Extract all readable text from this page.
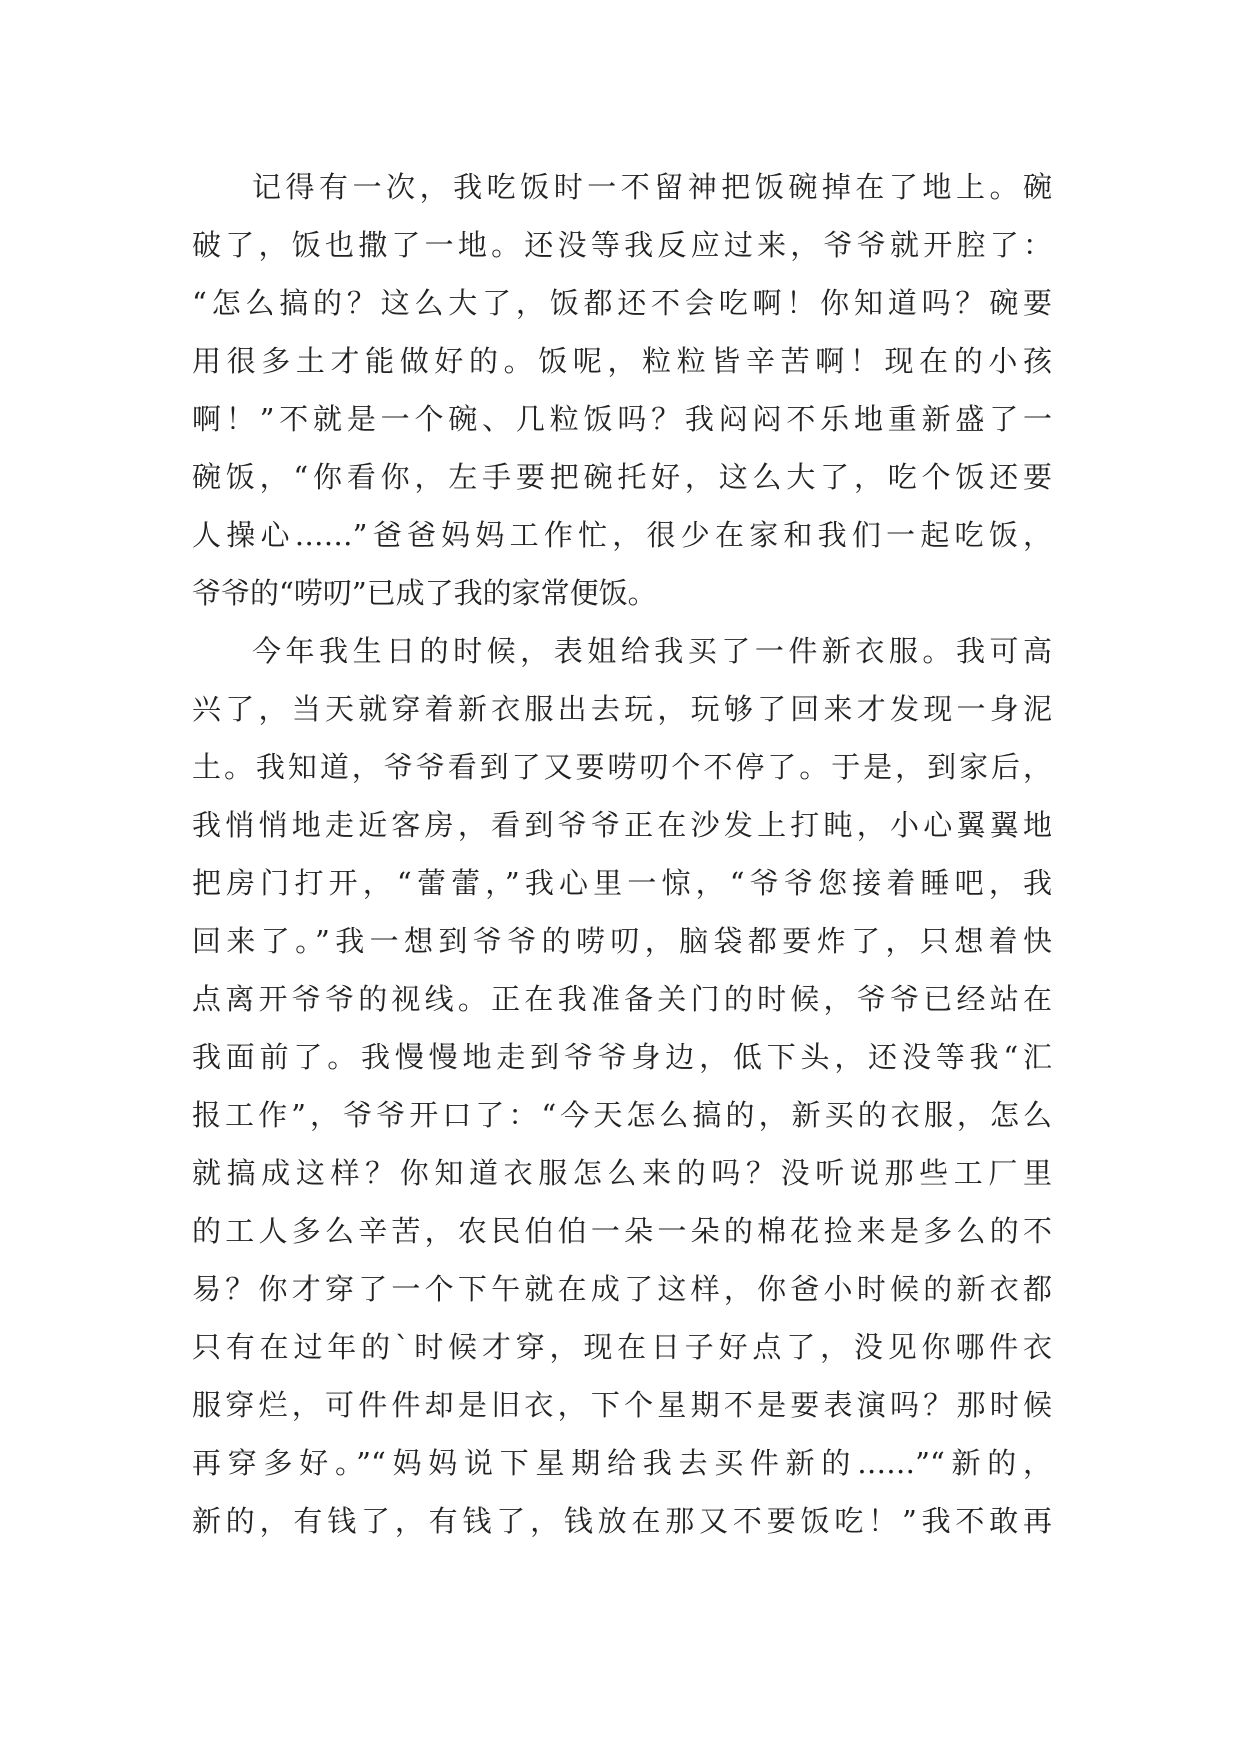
记得有一次，我吃饭时一不留神把饭碗掉在了地上。碗
破了，饭也撒了一地。还没等我反应过来，爷爷就开腔了：
“怎么搞的？这么大了，饭都还不会吃啊！你知道吗？碗要
用很多土才能做好的。饭呢，粒粒皆辛苦啊！现在的小孩
啊！”不就是一个碗、几粒饭吗？我闷闷不乐地重新盛了一
碗饭，“你看你，左手要把碗托好，这么大了，吃个饭还要
人操心……”爸爸妈妈工作忙，很少在家和我们一起吃饭，
爷爷的“唠叨”已成了我的家常便饭。
今年我生日的时候，表姐给我买了一件新衣服。我可高
兴了，当天就穿着新衣服出去玩，玩够了回来才发现一身泥
土。我知道，爷爷看到了又要唠叨个不停了。于是，到家后，
我悄悄地走近客房，看到爷爷正在沙发上打盹，小心翼翼地
把房门打开，“蕾蕾，”我心里一惊，“爷爷您接着睡吧，我
回来了。”我一想到爷爷的唠叨，脑袋都要炸了，只想着快
点离开爷爷的视线。正在我准备关门的时候，爷爷已经站在
我面前了。我慢慢地走到爷爷身边，低下头，还没等我“汇
报工作”，爷爷开口了：“今天怎么搞的，新买的衣服，怎么
就搞成这样？你知道衣服怎么来的吗？没听说那些工厂里
的工人多么辛苦，农民伯伯一朵一朵的棉花捡来是多么的不
易？你才穿了一个下午就在成了这样，你爸小时候的新衣都
只有在过年的`时候才穿，现在日子好点了，没见你哪件衣
服穿烂，可件件却是旧衣，下个星期不是要表演吗？那时候
再穿多好。”“妈妈说下星期给我去买件新的……”“新的，
新的，有钱了，有钱了，钱放在那又不要饭吃！”我不敢再
